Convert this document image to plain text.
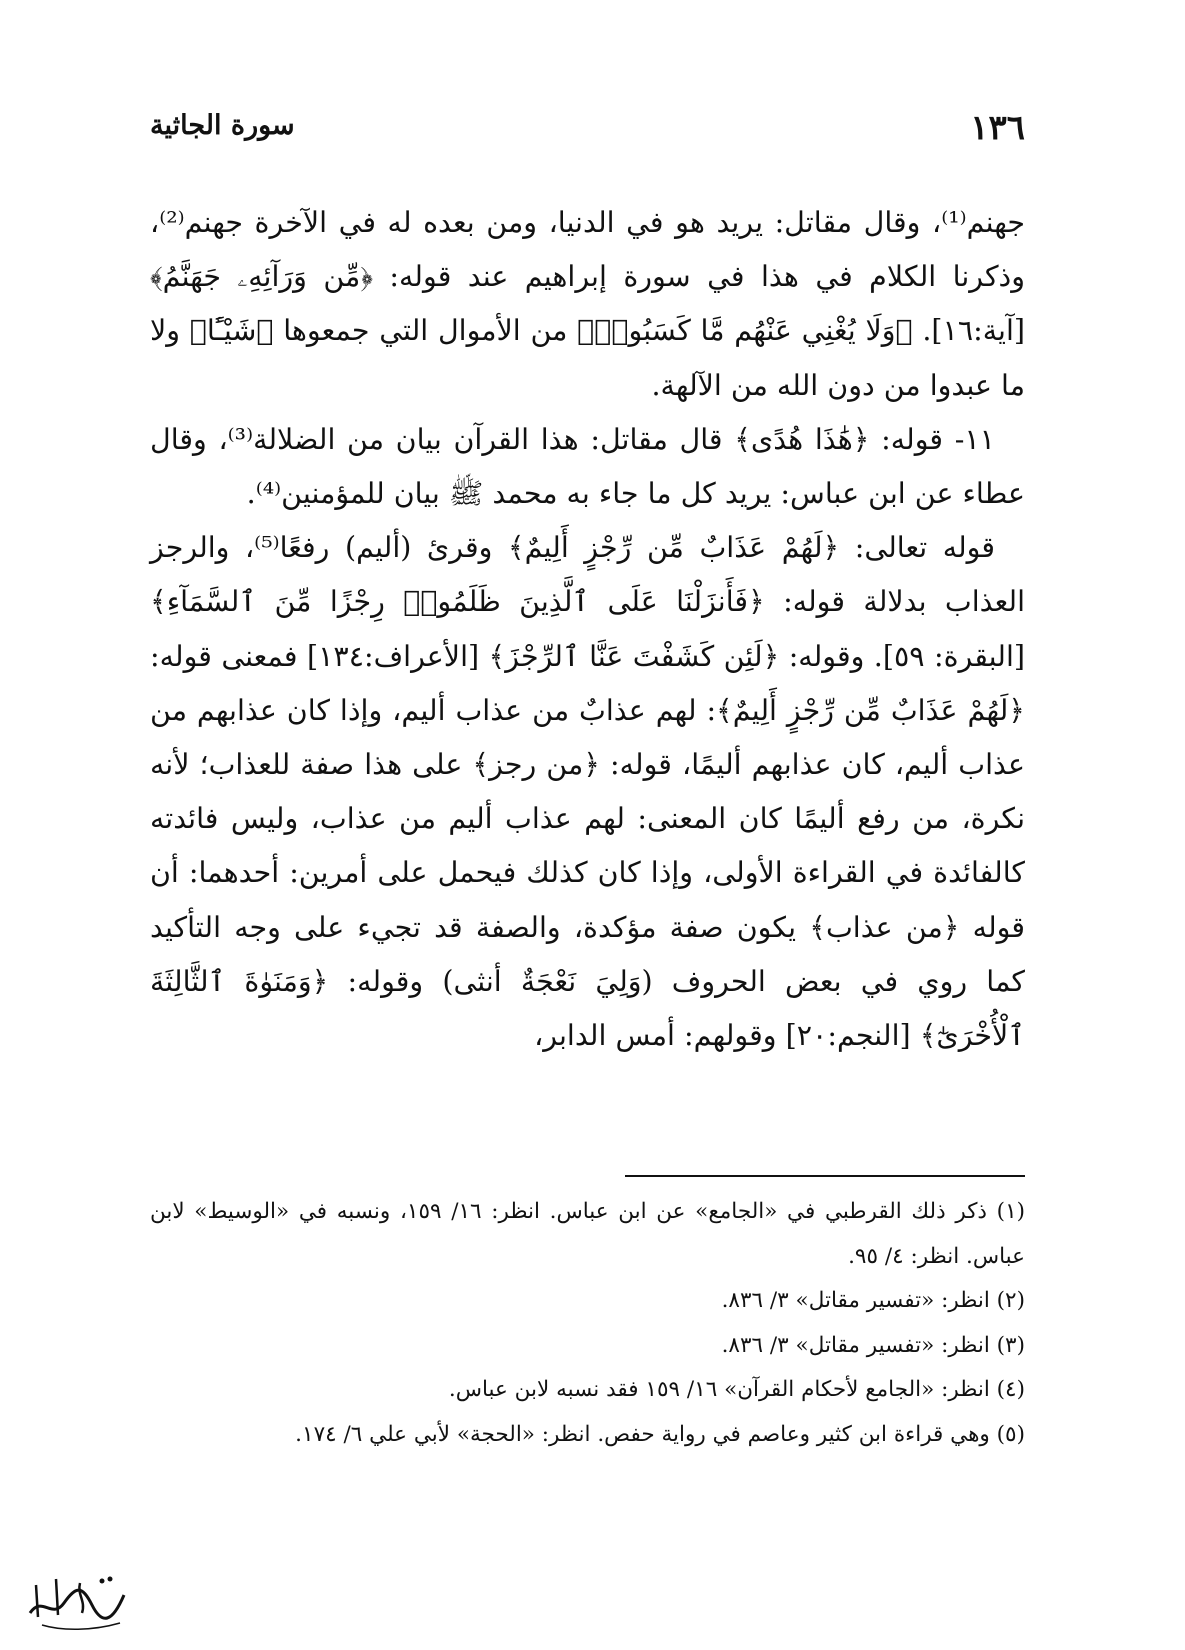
١٣٦
سورة الجاثية

جهنم⁽¹⁾، وقال مقاتل: يريد هو في الدنيا، ومن بعده له في الآخرة جهنم⁽²⁾، وذكرنا الكلام في هذا في سورة إبراهيم عند قوله: ﴿مِّن وَرَآئِهِۦ جَهَنَّمُ﴾ [آية:١٦]. ﴿وَلَا يُغْنِي عَنْهُم مَّا كَسَبُوا۟﴾ من الأموال التي جمعوها ﴿شَيْـًٔا﴾ ولا ما عبدوا من دون الله من الآلهة.

١١- قوله: ﴿هَٰذَا هُدًى﴾ قال مقاتل: هذا القرآن بيان من الضلالة⁽³⁾، وقال عطاء عن ابن عباس: يريد كل ما جاء به محمد ﷺ بيان للمؤمنين⁽⁴⁾.

قوله تعالى: ﴿لَهُمْ عَذَابٌ مِّن رِّجْزٍ أَلِيمٌ﴾ وقرئ (أليم) رفعًا⁽⁵⁾، والرجز العذاب بدلالة قوله: ﴿فَأَنزَلْنَا عَلَى ٱلَّذِينَ ظَلَمُوا۟ رِجْزًا مِّنَ ٱلسَّمَآءِ﴾ [البقرة: ٥٩]. وقوله: ﴿لَئِن كَشَفْتَ عَنَّا ٱلرِّجْزَ﴾ [الأعراف:١٣٤] فمعنى قوله: ﴿لَهُمْ عَذَابٌ مِّن رِّجْزٍ أَلِيمٌ﴾: لهم عذابٌ من عذاب أليم، وإذا كان عذابهم من عذاب أليم، كان عذابهم أليمًا، قوله: ﴿من رجز﴾ على هذا صفة للعذاب؛ لأنه نكرة، من رفع أليمًا كان المعنى: لهم عذاب أليم من عذاب، وليس فائدته كالفائدة في القراءة الأولى، وإذا كان كذلك فيحمل على أمرين: أحدهما: أن قوله ﴿من عذاب﴾ يكون صفة مؤكدة، والصفة قد تجيء على وجه التأكيد كما روي في بعض الحروف (وَلِيَ نَعْجَةٌ أنثى) وقوله: ﴿وَمَنَوٰةَ ٱلثَّالِثَةَ ٱلْأُخْرَىٰٓ﴾ [النجم:٢٠] وقولهم: أمس الدابر،

(١) ذكر ذلك القرطبي في «الجامع» عن ابن عباس. انظر: ١٦/ ١٥٩، ونسبه في «الوسيط» لابن عباس. انظر: ٤/ ٩٥.

(٢) انظر: «تفسير مقاتل» ٣/ ٨٣٦.

(٣) انظر: «تفسير مقاتل» ٣/ ٨٣٦.

(٤) انظر: «الجامع لأحكام القرآن» ١٦/ ١٥٩ فقد نسبه لابن عباس.

(٥) وهي قراءة ابن كثير وعاصم في رواية حفص. انظر: «الحجة» لأبي علي ٦/ ١٧٤.
